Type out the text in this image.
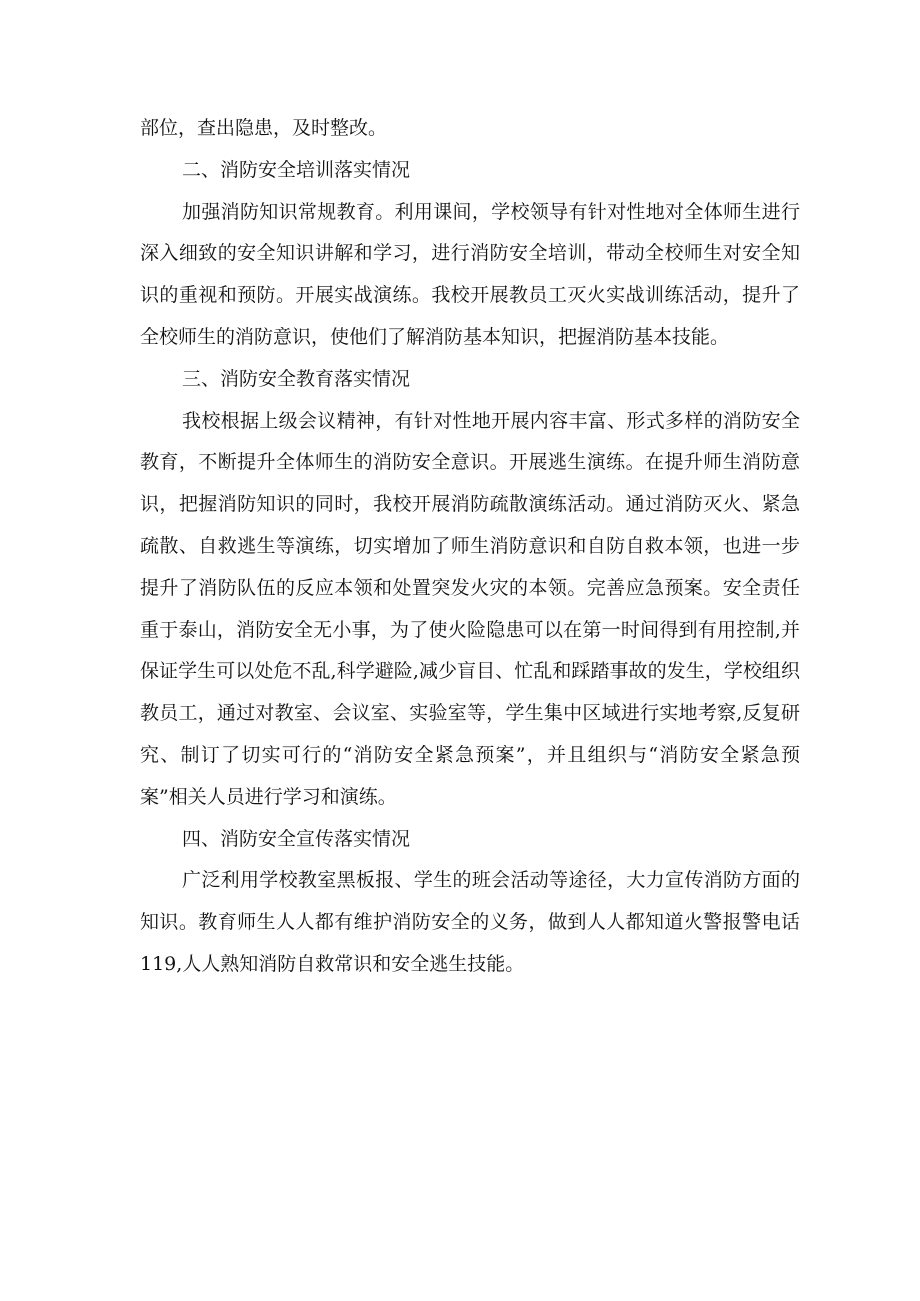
部位，查出隐患，及时整改。

二、消防安全培训落实情况

加强消防知识常规教育。利用课间，学校领导有针对性地对全体师生进行深入细致的安全知识讲解和学习，进行消防安全培训，带动全校师生对安全知识的重视和预防。开展实战演练。我校开展教员工灭火实战训练活动，提升了全校师生的消防意识，使他们了解消防基本知识，把握消防基本技能。

三、消防安全教育落实情况

我校根据上级会议精神，有针对性地开展内容丰富、形式多样的消防安全教育，不断提升全体师生的消防安全意识。开展逃生演练。在提升师生消防意识，把握消防知识的同时，我校开展消防疏散演练活动。通过消防灭火、紧急疏散、自救逃生等演练，切实增加了师生消防意识和自防自救本领，也进一步提升了消防队伍的反应本领和处置突发火灾的本领。完善应急预案。安全责任重于泰山，消防安全无小事，为了使火险隐患可以在第一时间得到有用控制,并保证学生可以处危不乱,科学避险,减少盲目、忙乱和踩踏事故的发生，学校组织教员工，通过对教室、会议室、实验室等，学生集中区域进行实地考察,反复研究、制订了切实可行的“消防安全紧急预案”，并且组织与“消防安全紧急预案”相关人员进行学习和演练。

四、消防安全宣传落实情况

广泛利用学校教室黑板报、学生的班会活动等途径，大力宣传消防方面的知识。教育师生人人都有维护消防安全的义务，做到人人都知道火警报警电话119,人人熟知消防自救常识和安全逃生技能。
